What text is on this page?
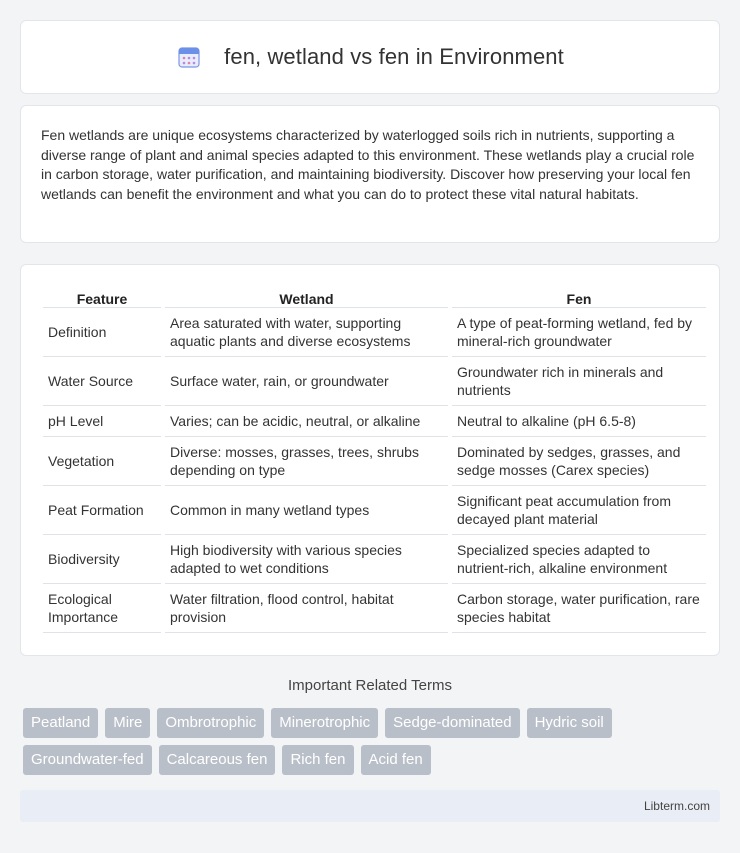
fen, wetland vs fen in Environment

Fen wetlands are unique ecosystems characterized by waterlogged soils rich in nutrients, supporting a diverse range of plant and animal species adapted to this environment. These wetlands play a crucial role in carbon storage, water purification, and maintaining biodiversity. Discover how preserving your local fen wetlands can benefit the environment and what you can do to protect these vital natural habitats.

Feature	Wetland	Fen
Definition	Area saturated with water, supporting aquatic plants and diverse ecosystems	A type of peat-forming wetland, fed by mineral-rich groundwater
Water Source	Surface water, rain, or groundwater	Groundwater rich in minerals and nutrients
pH Level	Varies; can be acidic, neutral, or alkaline	Neutral to alkaline (pH 6.5-8)
Vegetation	Diverse: mosses, grasses, trees, shrubs depending on type	Dominated by sedges, grasses, and sedge mosses (Carex species)
Peat Formation	Common in many wetland types	Significant peat accumulation from decayed plant material
Biodiversity	High biodiversity with various species adapted to wet conditions	Specialized species adapted to nutrient-rich, alkaline environment
Ecological Importance	Water filtration, flood control, habitat provision	Carbon storage, water purification, rare species habitat
Important Related Terms
Peatland	Mire	Ombrotrophic	Minerotrophic	Sedge-dominated	Hydric soil
Groundwater-fed	Calcareous fen	Rich fen	Acid fen
Libterm.com
